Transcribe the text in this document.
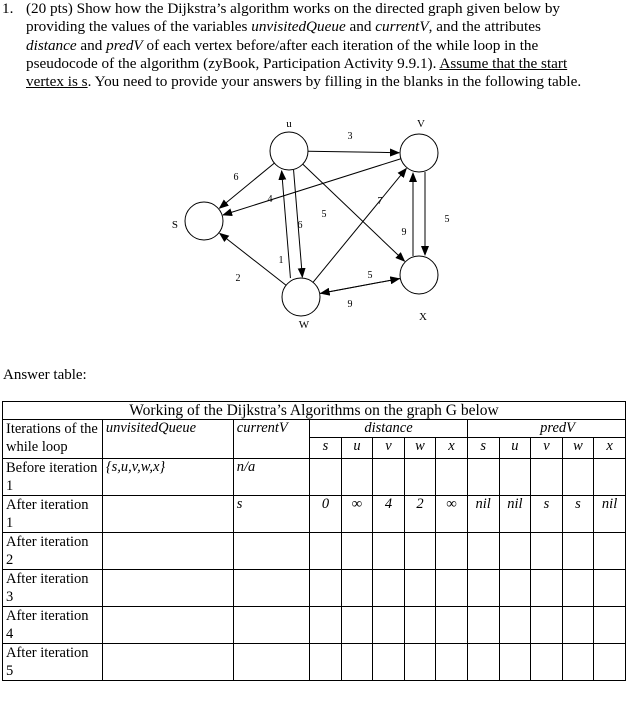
1. (20 pts) Show how the Dijkstra’s algorithm works on the directed graph given below by
providing the values of the variables unvisitedQueue and currentV, and the attributes
distance and predV of each vertex before/after each iteration of the while loop in the
pseudocode of the algorithm (zyBook, Participation Activity 9.9.1). Assume that the start
vertex is s. You need to provide your answers by filling in the blanks in the following table.
6
2
4
3
6
1
5
5
9
7
5
9
S
u	V
W
X
Answer table:
Working of the Dijkstra’s Algorithms on the graph G below												
Iterations of the while loop	unvisitedQueue	currentV	distance					predV				
			s	u	v	w	x	s	u	v	w	x
Before iteration 1	{s,u,v,w,x}	n/a										
After iteration 1		s	0	∞	4	2	∞	nil	nil	s	s	nil
After iteration 2												
After iteration 3												
After iteration 4												
After iteration 5												
